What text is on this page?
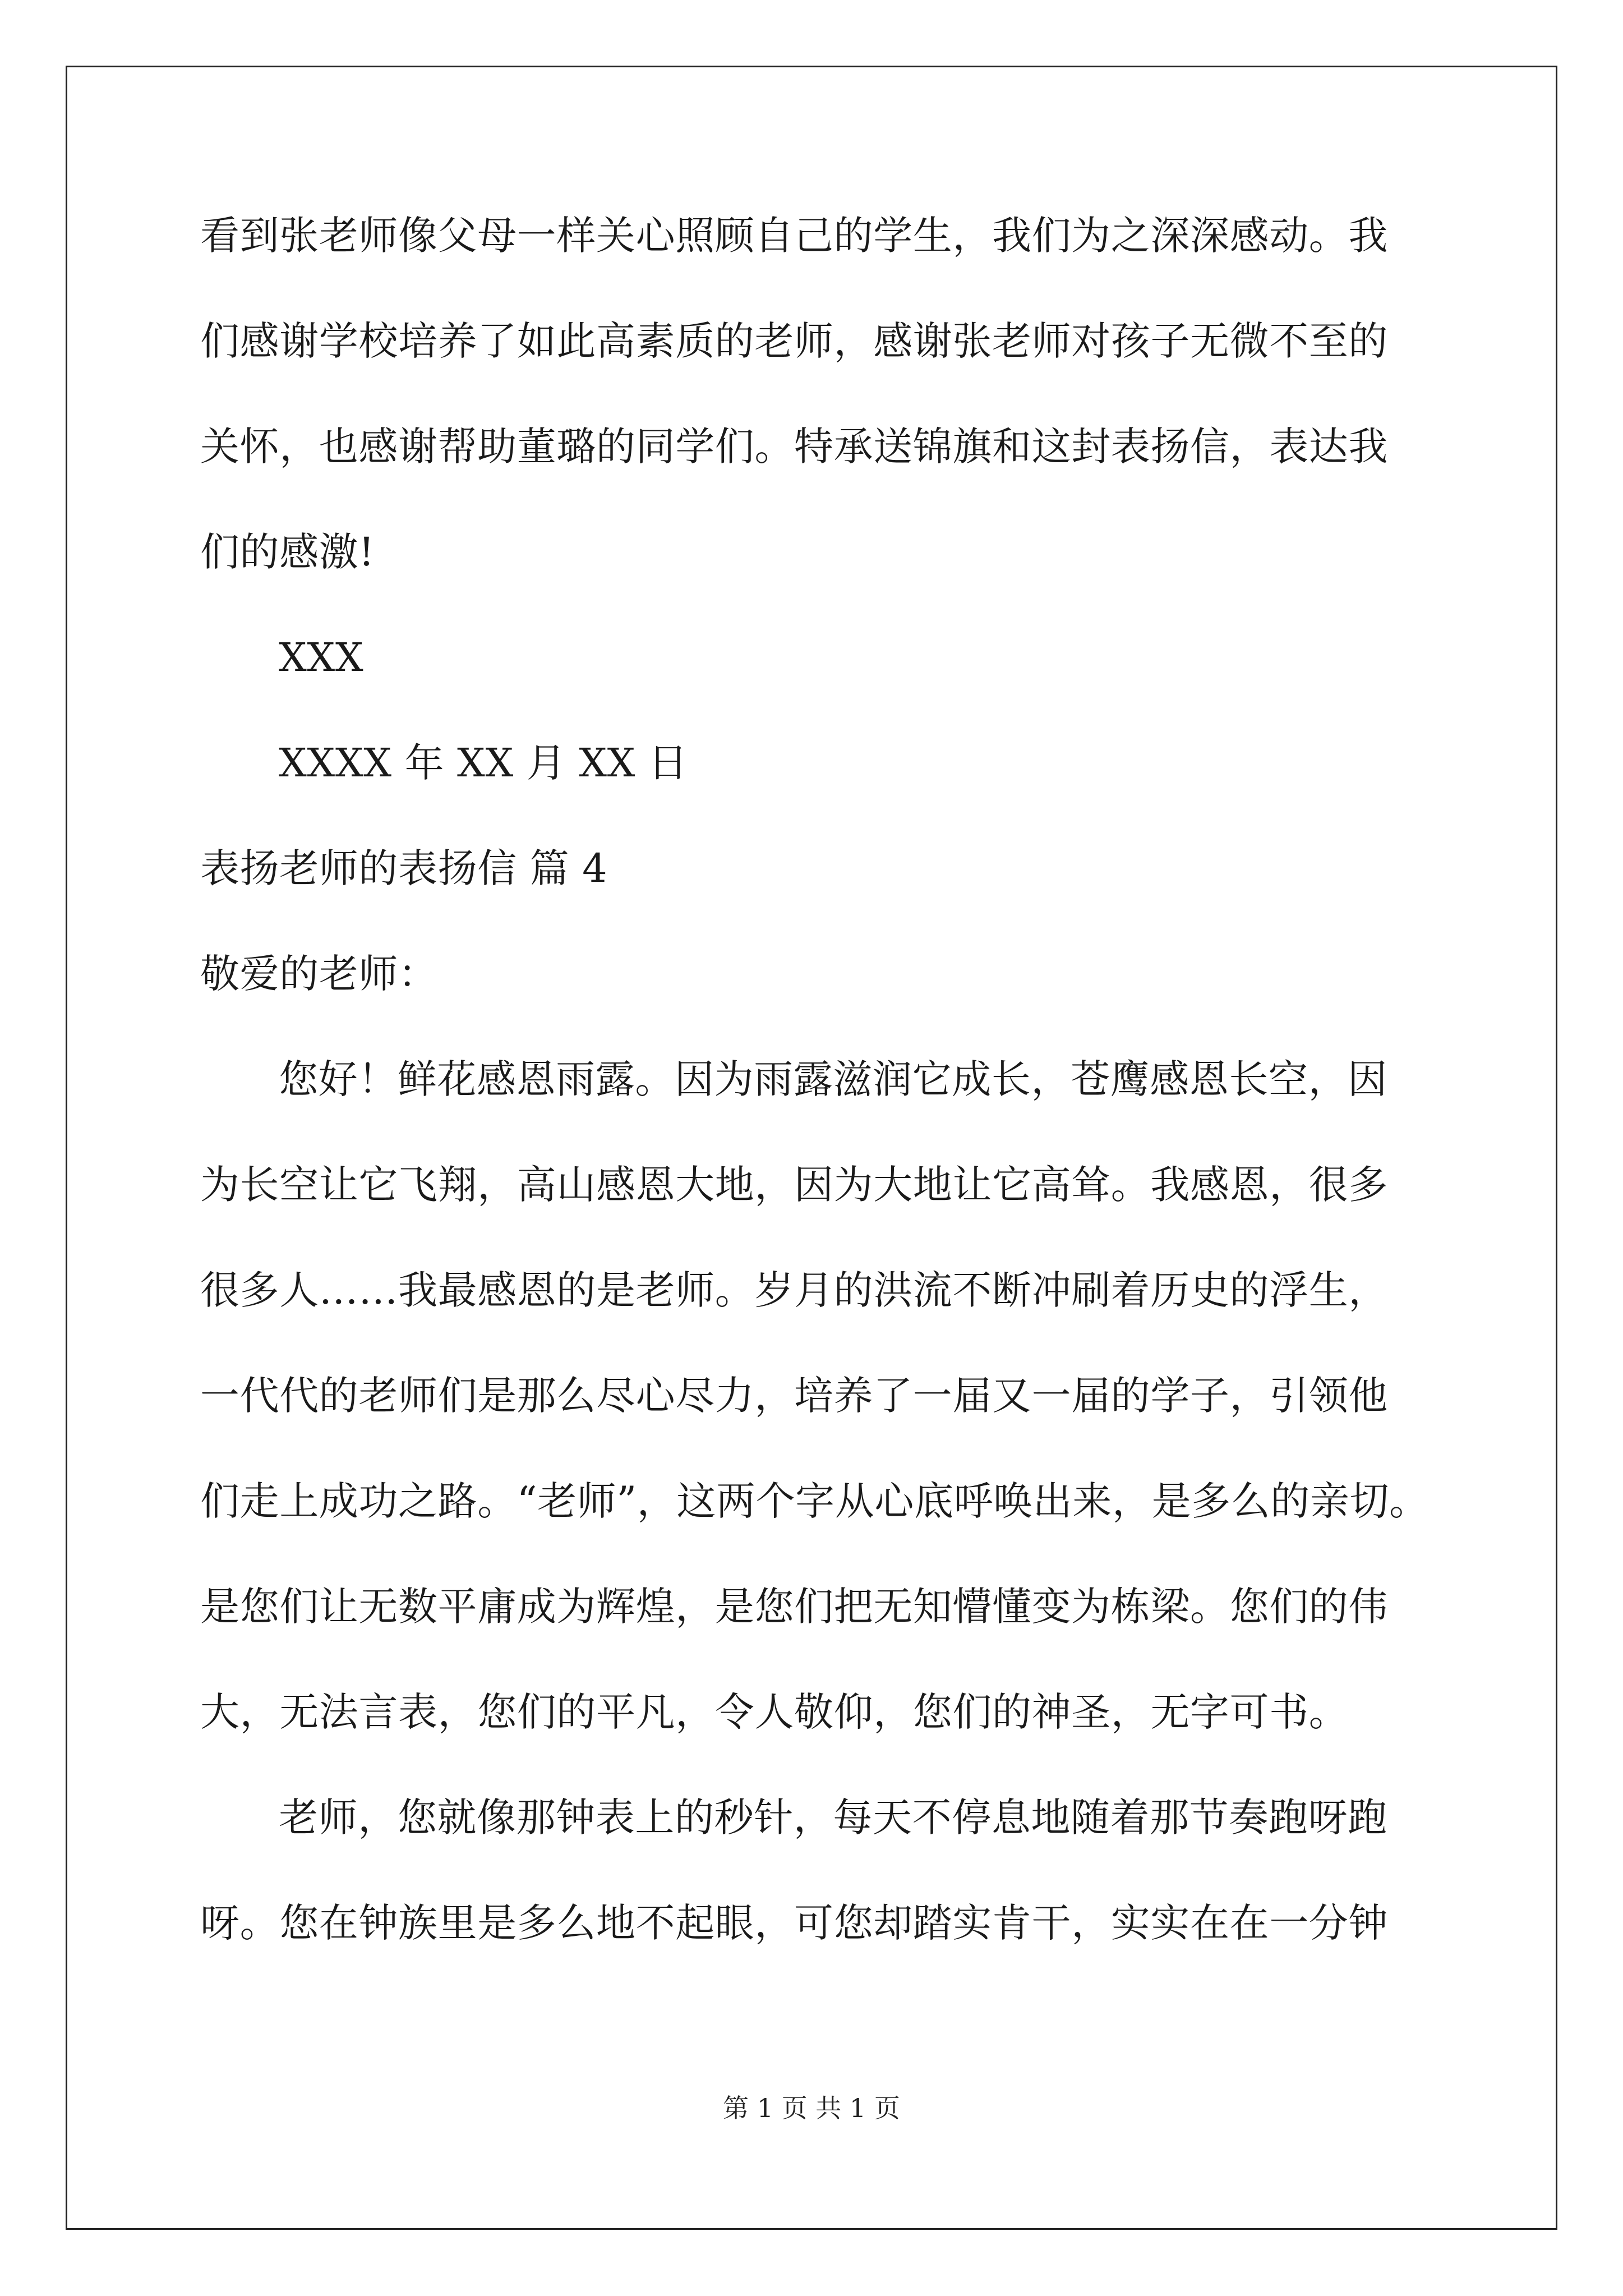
看到张老师像父母一样关心照顾自己的学生，我们为之深深感动。我
们感谢学校培养了如此高素质的老师，感谢张老师对孩子无微不至的
关怀，也感谢帮助董璐的同学们。特承送锦旗和这封表扬信，表达我
们的感激!
XXX
XXXX 年 XX 月 XX 日
表扬老师的表扬信 篇 4
敬爱的老师：
您好！鲜花感恩雨露。因为雨露滋润它成长，苍鹰感恩长空，因
为长空让它飞翔，高山感恩大地，因为大地让它高耸。我感恩，很多
很多人……我最感恩的是老师。岁月的洪流不断冲刷着历史的浮生，
一代代的老师们是那么尽心尽力，培养了一届又一届的学子，引领他
们走上成功之路。“老师”，这两个字从心底呼唤出来，是多么的亲切。
是您们让无数平庸成为辉煌，是您们把无知懵懂变为栋梁。您们的伟
大，无法言表，您们的平凡，令人敬仰，您们的神圣，无字可书。
老师，您就像那钟表上的秒针，每天不停息地随着那节奏跑呀跑
呀。您在钟族里是多么地不起眼，可您却踏实肯干，实实在在一分钟
第 1 页 共 1 页
